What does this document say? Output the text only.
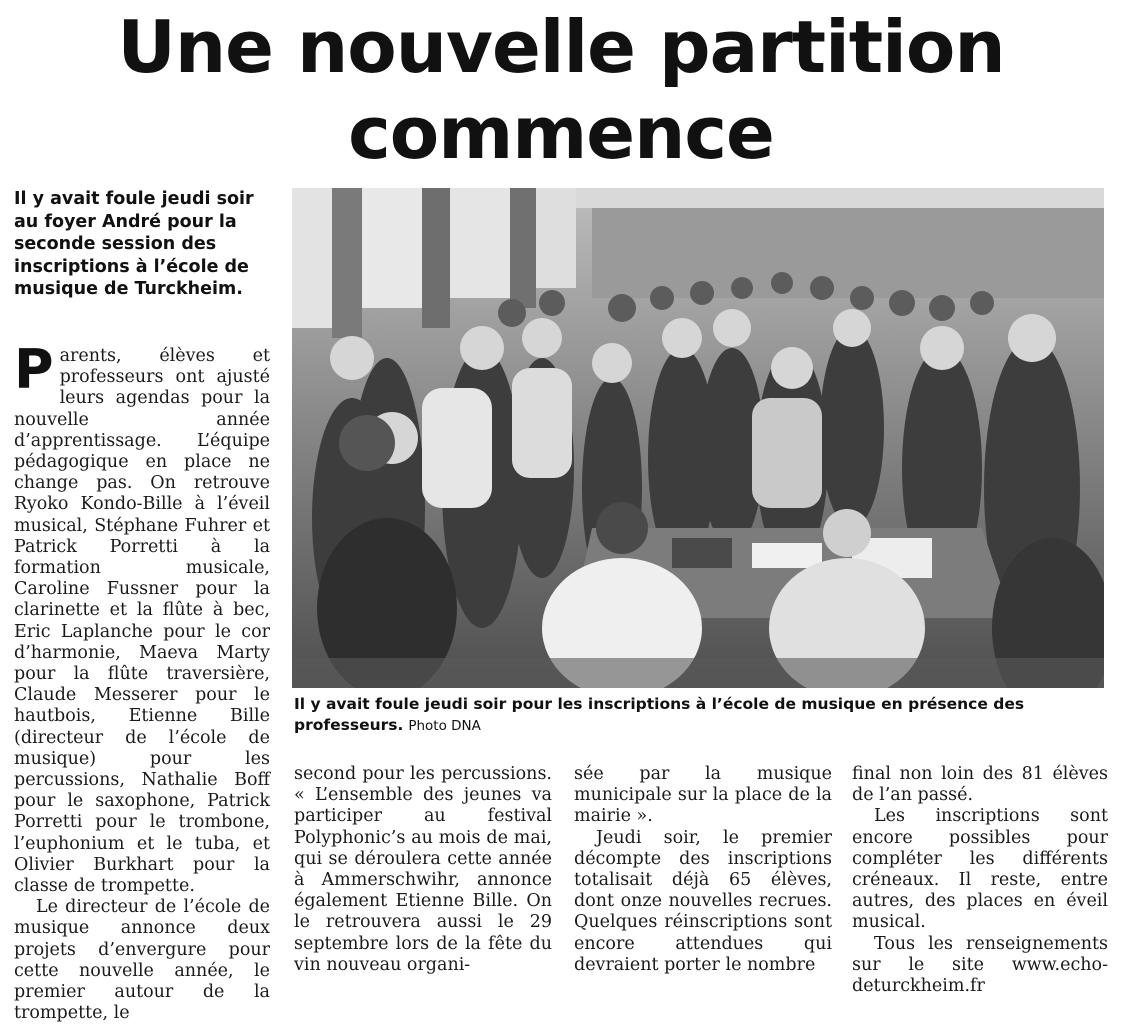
Une nouvelle partition
commence
Il y avait foule jeudi soir au foyer André pour la seconde session des inscriptions à l’école de musique de Turckheim.

Parents, élèves et professeurs ont ajusté leurs agendas pour la nouvelle année d’apprentissage. L’équipe pédagogique en place ne change pas. On retrouve Ryoko Kondo-Bille à l’éveil musical, Stéphane Fuhrer et Patrick Porretti à la formation musicale, Caroline Fussner pour la clarinette et la flûte à bec, Eric Laplanche pour le cor d’harmonie, Maeva Marty pour la flûte traversière, Claude Messerer pour le hautbois, Etienne Bille (directeur de l’école de musique) pour les percussions, Nathalie Boff pour le saxophone, Patrick Porretti pour le trombone, l’euphonium et le tuba, et Olivier Burkhart pour la classe de trompette.

Le directeur de l’école de musique annonce deux projets d’envergure pour cette nouvelle année, le premier autour de la trompette, le

Il y avait foule jeudi soir pour les inscriptions à l’école de musique en présence des professeurs. Photo DNA

second pour les percussions. « L’ensemble des jeunes va participer au festival Polyphonic’s au mois de mai, qui se déroulera cette année à Ammerschwihr, annonce également Etienne Bille. On le retrouvera aussi le 29 septembre lors de la fête du vin nouveau organi-

sée par la musique municipale sur la place de la mairie ».

Jeudi soir, le premier décompte des inscriptions totalisait déjà 65 élèves, dont onze nouvelles recrues. Quelques réinscriptions sont encore attendues qui devraient porter le nombre

final non loin des 81 élèves de l’an passé.

Les inscriptions sont encore possibles pour compléter les différents créneaux. Il reste, entre autres, des places en éveil musical.

Tous les renseignements sur le site www.echo-deturckheim.fr
